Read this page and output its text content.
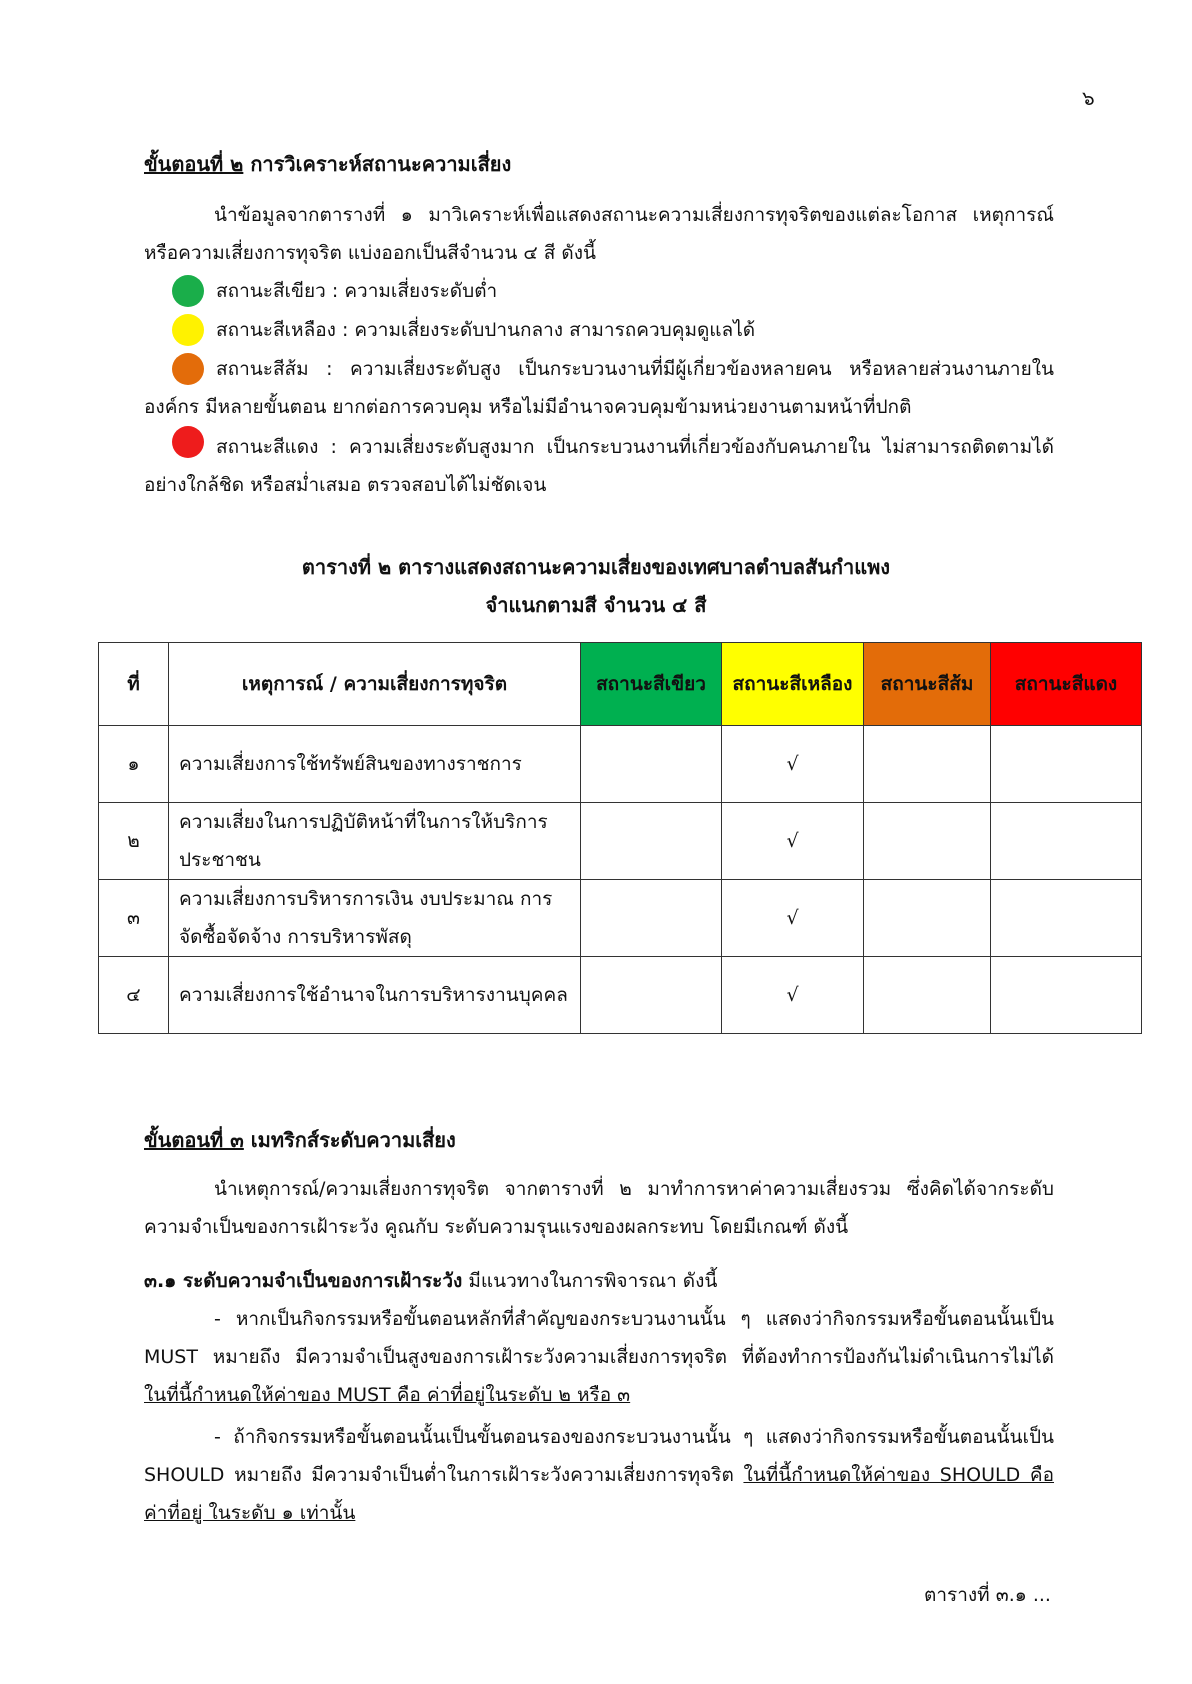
๖
ขั้นตอนที่ ๒ การวิเคราะห์สถานะความเสี่ยง
นำข้อมูลจากตารางที่ ๑ มาวิเคราะห์เพื่อแสดงสถานะความเสี่ยงการทุจริตของแต่ละโอกาส เหตุการณ์ หรือความเสี่ยงการทุจริต แบ่งออกเป็นสีจำนวน ๔ สี ดังนี้
สถานะสีเขียว : ความเสี่ยงระดับต่ำ
สถานะสีเหลือง : ความเสี่ยงระดับปานกลาง สามารถควบคุมดูแลได้
สถานะสีส้ม : ความเสี่ยงระดับสูง เป็นกระบวนงานที่มีผู้เกี่ยวข้องหลายคน หรือหลายส่วนงานภายในองค์กร มีหลายขั้นตอน ยากต่อการควบคุม หรือไม่มีอำนาจควบคุมข้ามหน่วยงานตามหน้าที่ปกติ
สถานะสีแดง : ความเสี่ยงระดับสูงมาก เป็นกระบวนงานที่เกี่ยวข้องกับคนภายใน ไม่สามารถติดตามได้อย่างใกล้ชิด หรือสม่ำเสมอ ตรวจสอบได้ไม่ชัดเจน
ตารางที่ ๒ ตารางแสดงสถานะความเสี่ยงของเทศบาลตำบลสันกำแพง
จำแนกตามสี จำนวน ๔ สี
ที่	เหตุการณ์ / ความเสี่ยงการทุจริต	สถานะสีเขียว	สถานะสีเหลือง	สถานะสีส้ม	สถานะสีแดง
๑	ความเสี่ยงการใช้ทรัพย์สินของทางราชการ		√		
๒	ความเสี่ยงในการปฏิบัติหน้าที่ในการให้บริการประชาชน		√		
๓	ความเสี่ยงการบริหารการเงิน งบประมาณ การจัดซื้อจัดจ้าง การบริหารพัสดุ		√		
๔	ความเสี่ยงการใช้อำนาจในการบริหารงานบุคคล		√		
ขั้นตอนที่ ๓ เมทริกส์ระดับความเสี่ยง
นำเหตุการณ์/ความเสี่ยงการทุจริต จากตารางที่ ๒ มาทำการหาค่าความเสี่ยงรวม ซึ่งคิดได้จากระดับความจำเป็นของการเฝ้าระวัง คูณกับ ระดับความรุนแรงของผลกระทบ โดยมีเกณฑ์ ดังนี้
๓.๑ ระดับความจำเป็นของการเฝ้าระวัง มีแนวทางในการพิจารณา ดังนี้
- หากเป็นกิจกรรมหรือขั้นตอนหลักที่สำคัญของกระบวนงานนั้น ๆ แสดงว่ากิจกรรมหรือขั้นตอนนั้นเป็น MUST หมายถึง มีความจำเป็นสูงของการเฝ้าระวังความเสี่ยงการทุจริต ที่ต้องทำการป้องกันไม่ดำเนินการไม่ได้ ในที่นี้กำหนดให้ค่าของ MUST คือ ค่าที่อยู่ในระดับ ๒ หรือ ๓
- ถ้ากิจกรรมหรือขั้นตอนนั้นเป็นขั้นตอนรองของกระบวนงานนั้น ๆ แสดงว่ากิจกรรมหรือขั้นตอนนั้นเป็น SHOULD หมายถึง มีความจำเป็นต่ำในการเฝ้าระวังความเสี่ยงการทุจริต ในที่นี้กำหนดให้ค่าของ SHOULD คือ ค่าที่อยู่ ในระดับ ๑ เท่านั้น
ตารางที่ ๓.๑ ...
